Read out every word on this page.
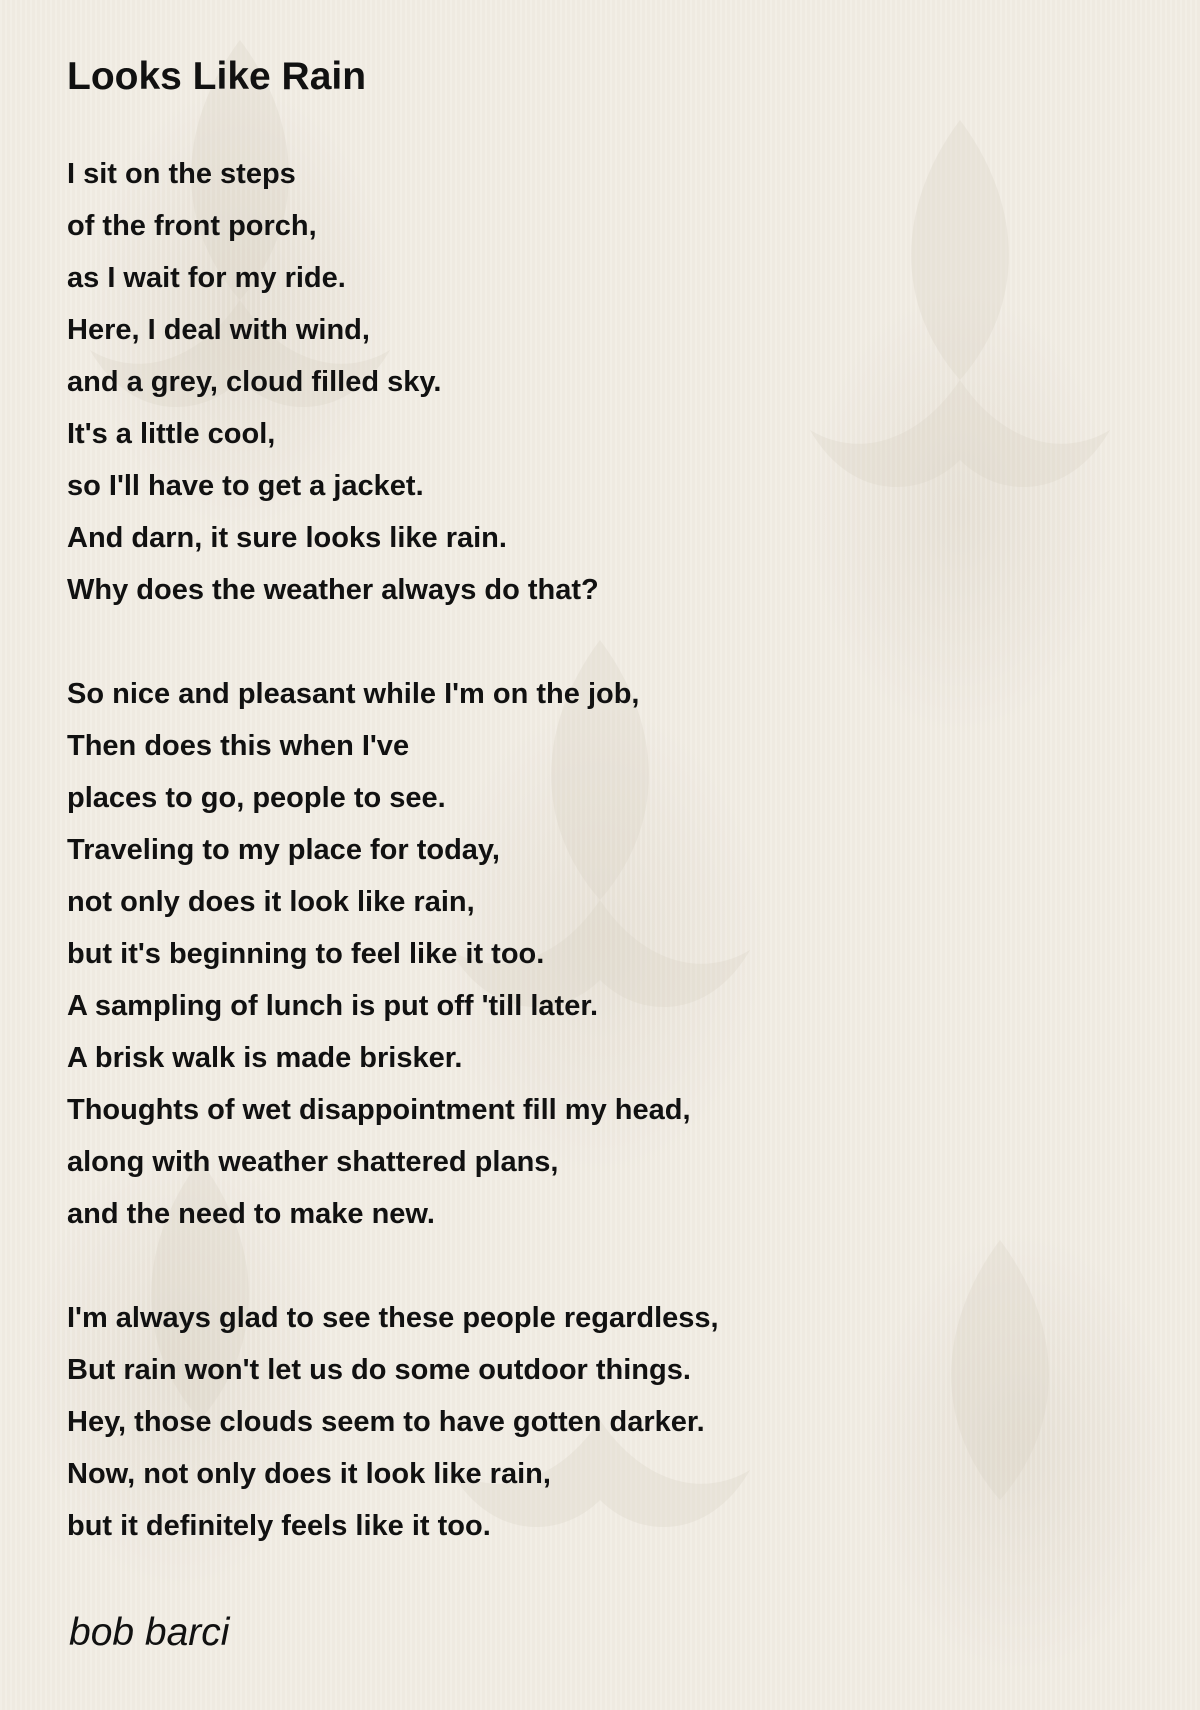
Looks Like Rain
I sit on the steps
of the front porch,
as I wait for my ride.
Here, I deal with wind,
and a grey, cloud filled sky.
It's a little cool,
so I'll have to get a jacket.
And darn, it sure looks like rain.
Why does the weather always do that?
So nice and pleasant while I'm on the job,
Then does this when I've
places to go, people to see.
Traveling to my place for today,
not only does it look like rain,
but it's beginning to feel like it too.
A sampling of lunch is put off 'till later.
A brisk walk is made brisker.
Thoughts of wet disappointment fill my head,
along with weather shattered plans,
and the need to make new.
I'm always glad to see these people regardless,
But rain won't let us do some outdoor things.
Hey, those clouds seem to have gotten darker.
Now, not only does it look like rain,
but it definitely feels like it too.
bob barci
